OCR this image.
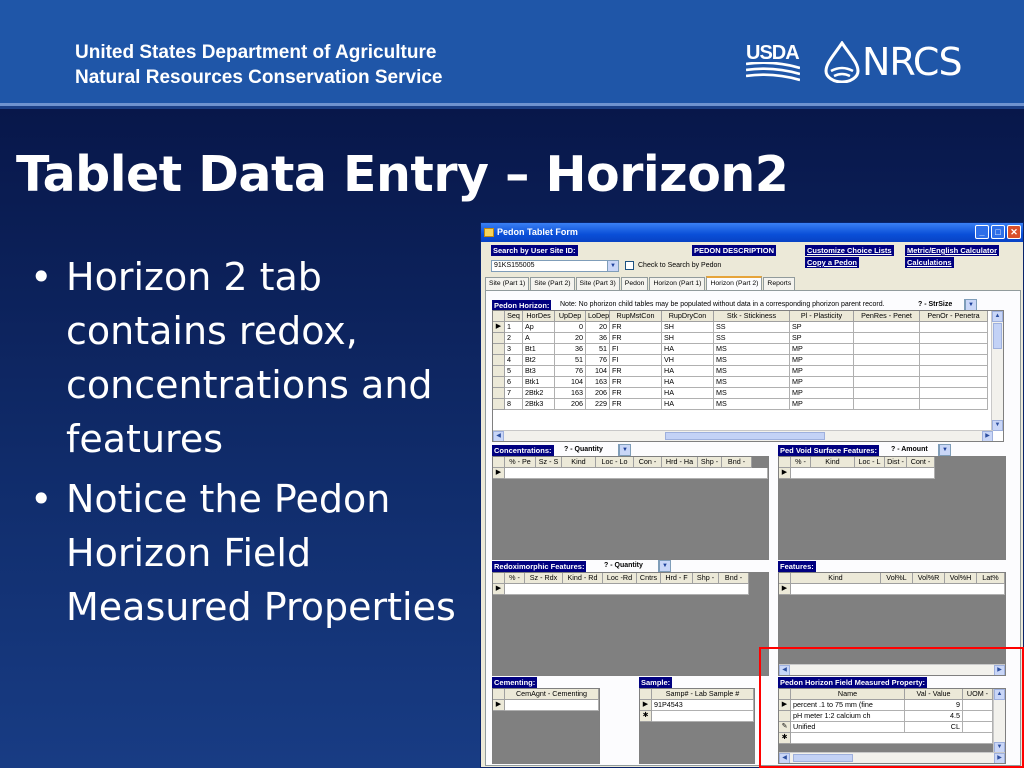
United States Department of Agriculture
Natural Resources Conservation Service
USDA NRCS
Tablet Data Entry – Horizon2
• Horizon 2 tab contains redox, concentrations and features
• Notice the Pedon Horizon Field Measured Properties
Pedon Tablet Form	_	□	✕
Search by User Site ID:
91KS155005	▼	Check to Search by Pedon
PEDON DESCRIPTION	Customize Choice Lists
Copy a Pedon
Metric/English Calculator
Calculations
Site (Part 1)	Site (Part 2)	Site (Part 3)	Pedon	Horizon (Part 1)	Horizon (Part 2)	Reports
Pedon Horizon: Note: No phorizon child tables may be populated without data in a corresponding phorizon parent record.	? - StrSize	▼
Seq HorDes	UpDep LoDep	RupMstCon	RupDryCon	Stk - Stickiness	Pl - Plasticity	PenRes - Penet	PenOr - Penetra
▶ 1	Ap	0	20 FR	SH	SS	SP
2	A	20	36 FR	SH	SS	SP
3	Bt1	36	51 FI	HA	MS	MP
4	Bt2	51	76 FI	VH	MS	MP
5	Bt3	76	104 FR	HA	MS	MP
6	Btk1	104	163 FR	HA	MS	MP
7	2Btk2	163	206 FR	HA	MS	MP
8	2Btk3	206	229 FR	HA	MS	MP
▲
▼
◀	▶
Concentrations: ? - Quantity	▼
% - Pe	Sz - S	Kind	Loc - Lo	Con -	Hrd - Ha	Shp -	Bnd -
▶
Ped Void Surface Features: ? - Amount	▼
% -	Kind	Loc - L Dist - Cont -
▶
Redoximorphic Features:	? - Quantity	▼
% -	Sz - Rdx	Kind - Rd	Loc -Rd	Cntrs	Hrd - F	Shp -	Bnd -
▶
Features:
Kind	Vol%L	Vol%R	Vol%H	Lat%
▶
◀	▶
Cementing:
CemAgnt - Cementing
▶
Sample:
Samp# - Lab Sample #
▶ 91P4543
✱
Pedon Horizon Field Measured Property:
Name	Val - Value	UOM -
▶ percent .1 to 75 mm (fine	9
pH meter 1:2 calcium ch	4.5
✎ Unified	CL
✱
▲
▼
◀	▶
